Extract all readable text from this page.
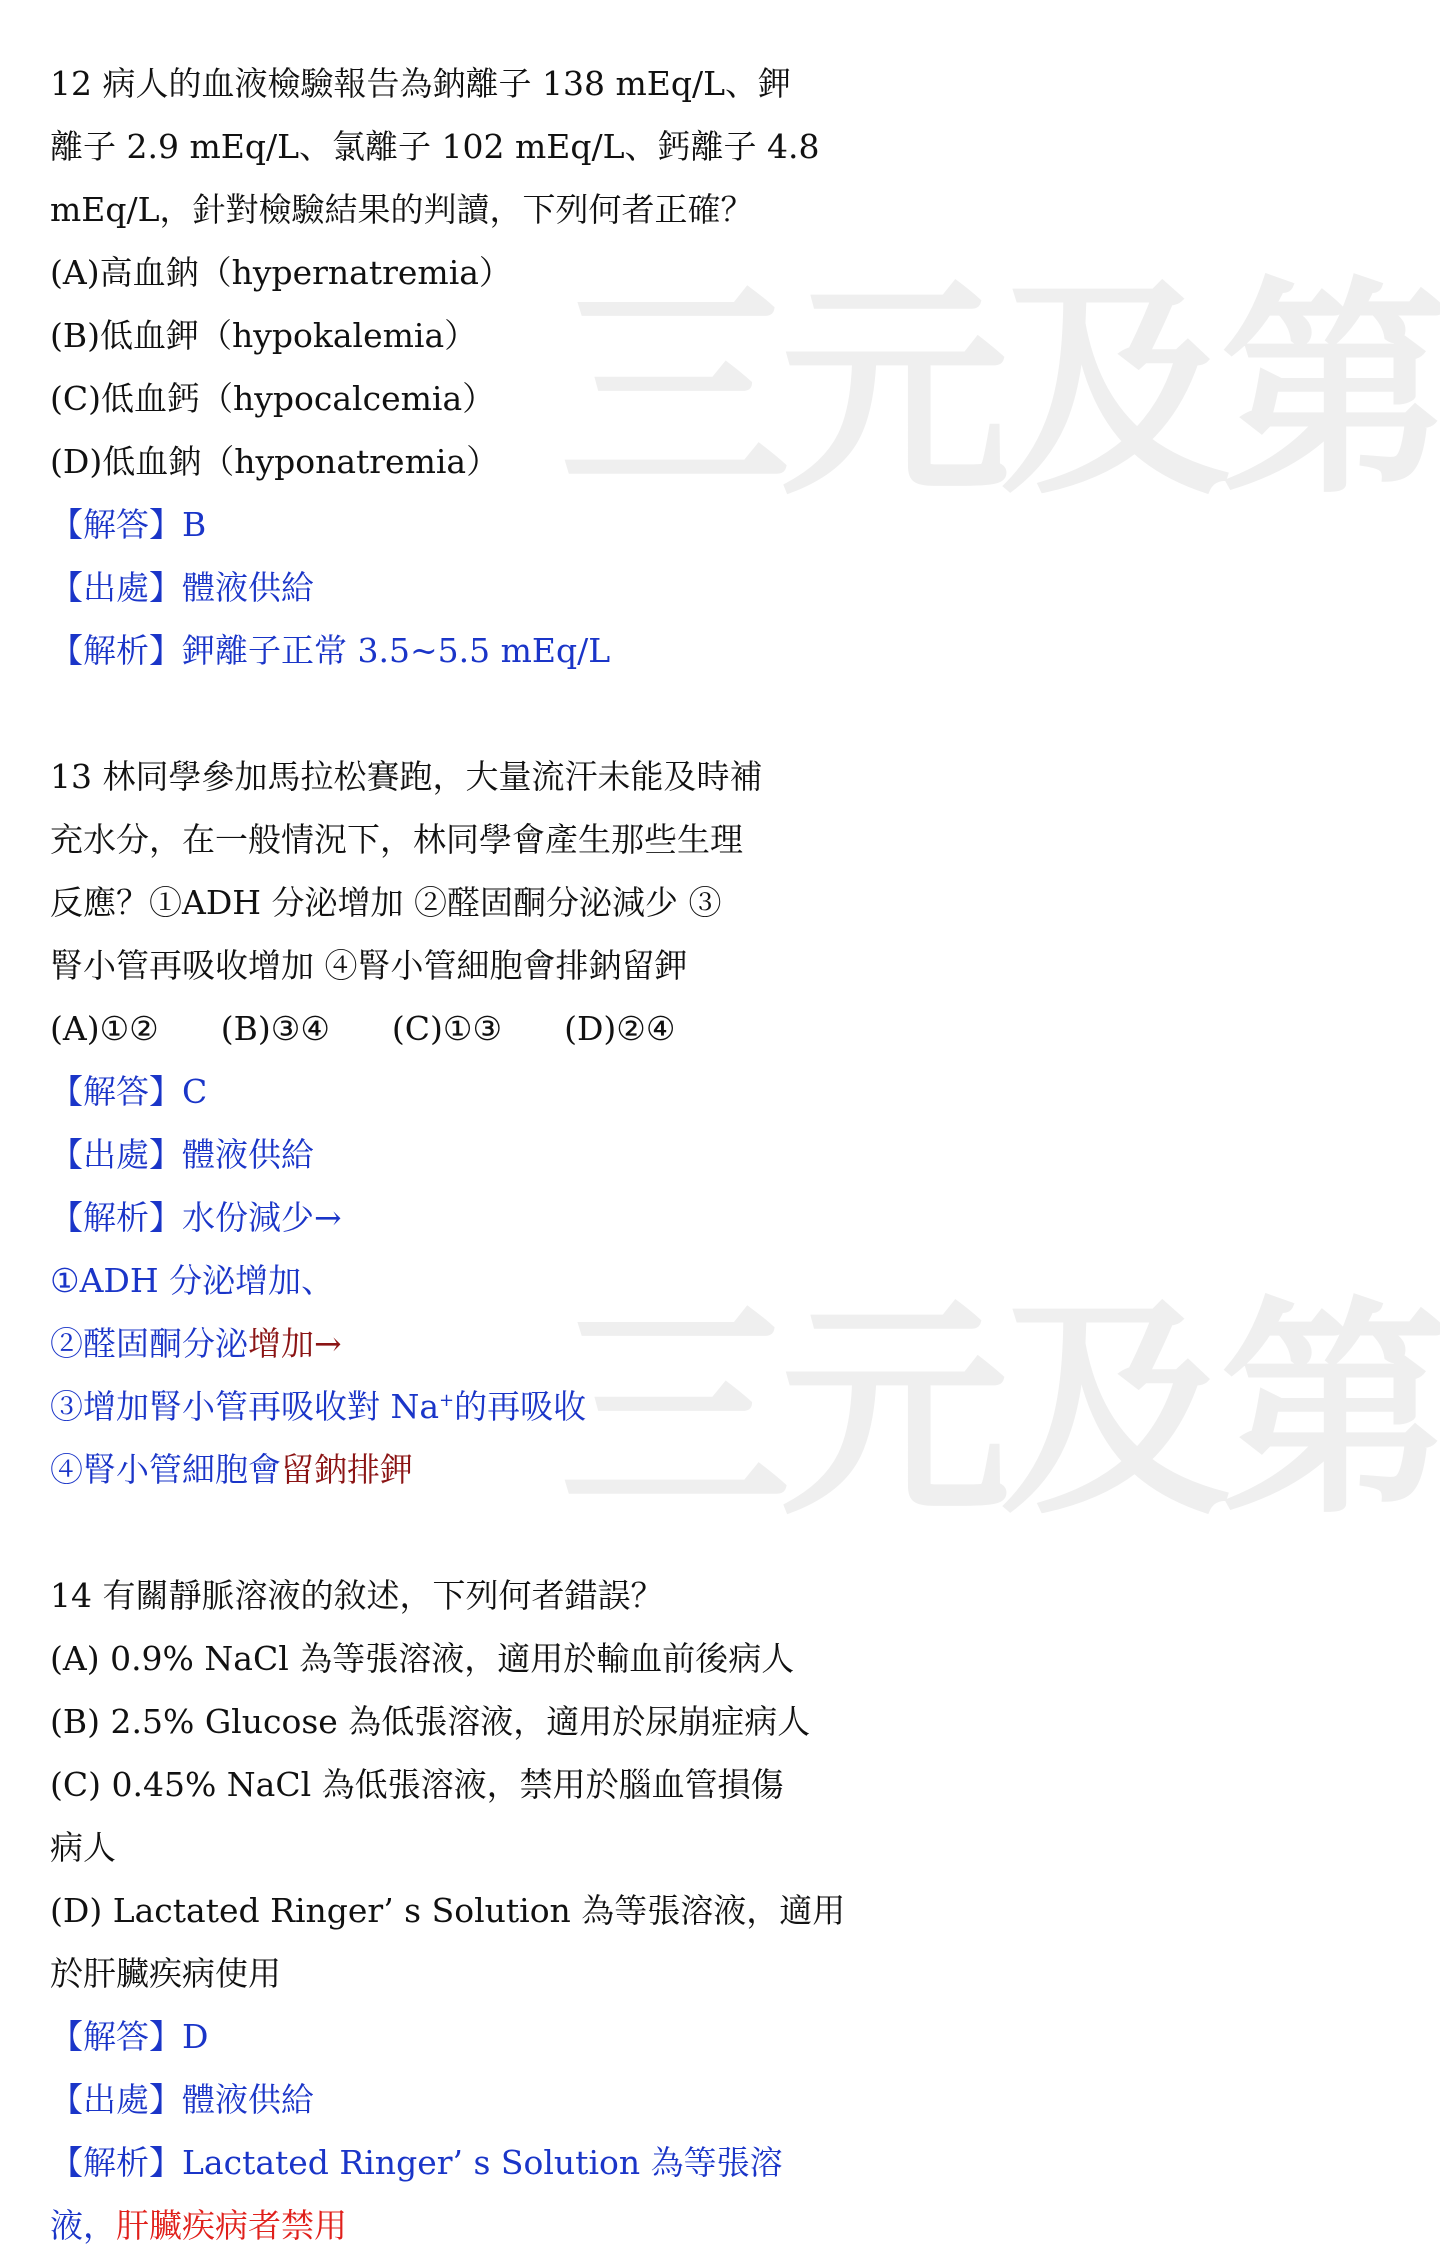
三元及第
三元及第
12 病人的血液檢驗報告為鈉離子 138 mEq/L、鉀
離子 2.9 mEq/L、氯離子 102 mEq/L、鈣離子 4.8
mEq/L，針對檢驗結果的判讀，下列何者正確？
(A)高血鈉（hypernatremia）
(B)低血鉀（hypokalemia）
(C)低血鈣（hypocalcemia）
(D)低血鈉（hyponatremia）
【解答】B
【出處】體液供給
【解析】鉀離子正常 3.5~5.5 mEq/L
13 林同學參加馬拉松賽跑，大量流汗未能及時補
充水分，在一般情況下，林同學會產生那些生理
反應？①ADH 分泌增加 ②醛固酮分泌減少 ③
腎小管再吸收增加 ④腎小管細胞會排鈉留鉀
(A)①② (B)③④ (C)①③ (D)②④
【解答】C
【出處】體液供給
【解析】水份減少→
①ADH 分泌增加、
②醛固酮分泌增加→
③增加腎小管再吸收對 Na+的再吸收
④腎小管細胞會留鈉排鉀
14 有關靜脈溶液的敘述，下列何者錯誤？
(A) 0.9% NaCl 為等張溶液，適用於輸血前後病人
(B) 2.5% Glucose 為低張溶液，適用於尿崩症病人
(C) 0.45% NaCl 為低張溶液，禁用於腦血管損傷
病人
(D) Lactated Ringer’ s Solution 為等張溶液，適用
於肝臟疾病使用
【解答】D
【出處】體液供給
【解析】Lactated Ringer’ s Solution 為等張溶
液，肝臟疾病者禁用
